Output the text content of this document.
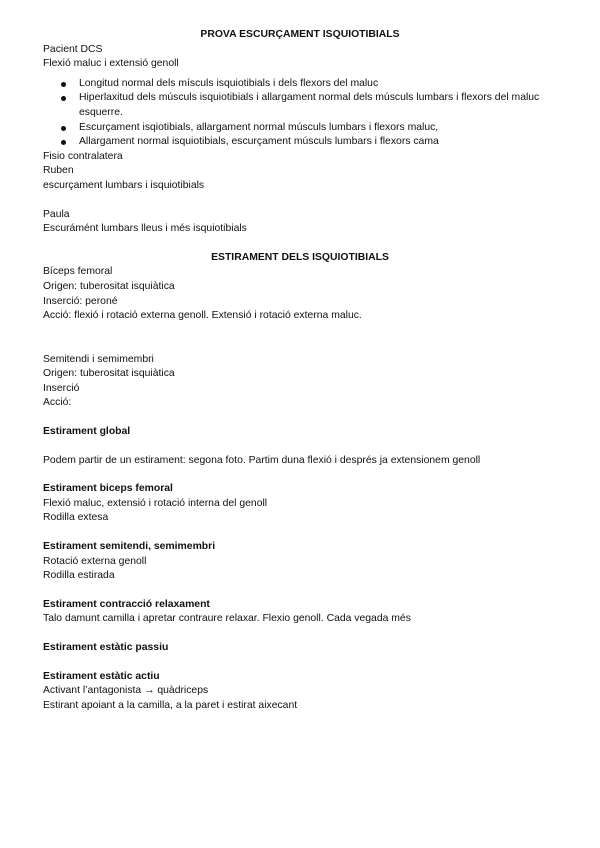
PROVA ESCURÇAMENT ISQUIOTIBIALS

Pacient DCS

Flexió maluc i extensió genoll

Longitud normal dels mísculs isquiotibials i dels flexors del maluc
Hiperlaxitud dels músculs isquiotibials i allargament normal dels músculs lumbars i flexors del maluc esquerre.
Escurçament isqiotibials, allargament normal músculs lumbars i flexors maluc,
Allargament normal isquiotibials, escurçament músculs lumbars i flexors cama

Fisio contralatera

Ruben

escurçament lumbars i isquiotibials

Paula

Escurámént lumbars lleus i més isquiotibials

ESTIRAMENT DELS ISQUIOTIBIALS

Bíceps femoral

Origen: tuberositat isquiàtica

Inserció: peroné

Acció: flexió i rotació externa genoll. Extensió i rotació externa maluc.

Semitendi i semimembri

Origen: tuberositat isquiàtica

Inserció

Acció:

Estirament global

Podem partir de un estirament: segona foto. Partim duna flexió i després ja extensionem genoll

Estirament biceps femoral

Flexió maluc, extensió i rotació interna del genoll

Rodilla extesa

Estirament semitendi, semimembri

Rotació externa genoll

Rodilla estirada

Estirament contracció relaxament

Talo damunt camilla i apretar contraure relaxar. Flexio genoll. Cada vegada més

Estirament estàtic passiu

Estirament estàtic actiu

Activant l’antagonista → quàdriceps

Estirant apoiant a la camilla, a la paret i estirat aixecant
